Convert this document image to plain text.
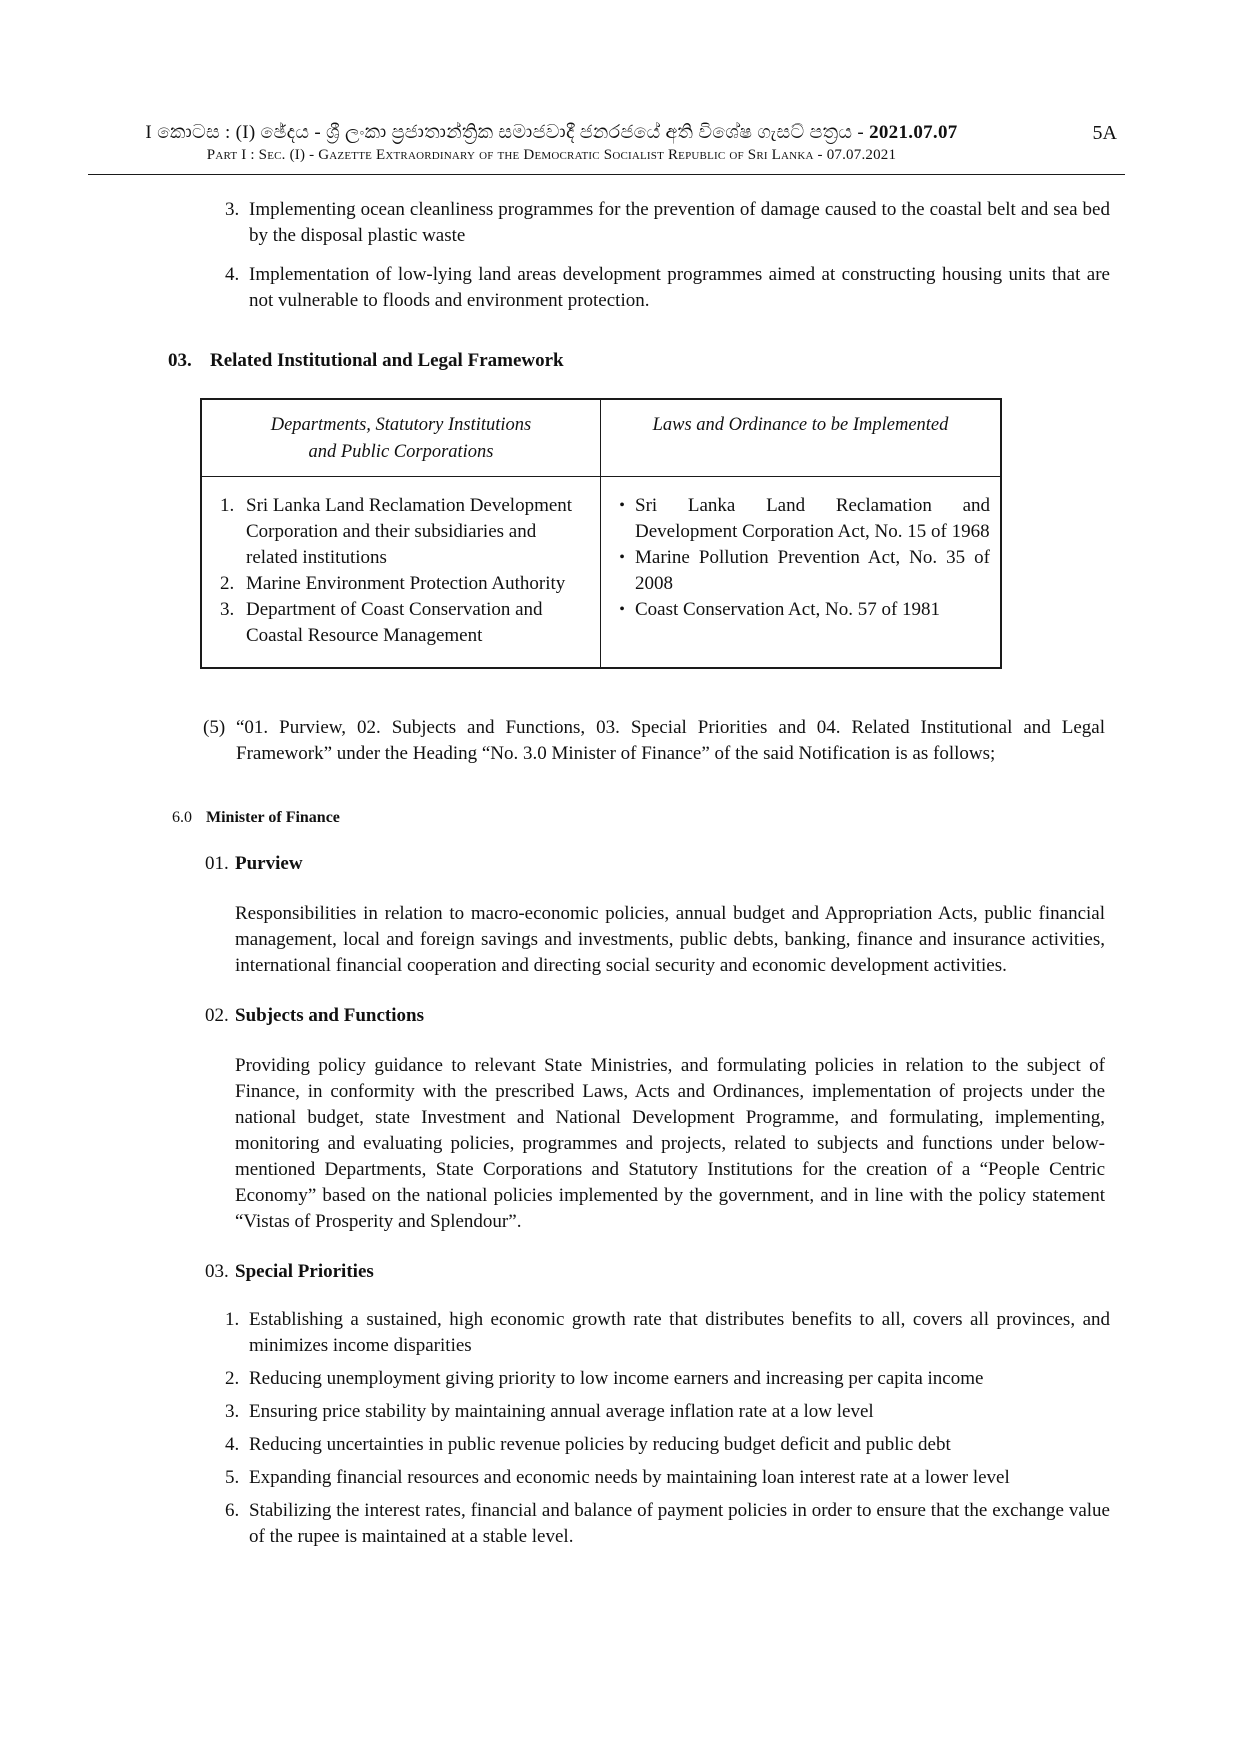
I කොටස : (I) ඡේදය - ශ්‍රී ලංකා ප්‍රජාතාන්ත්‍රික සමාජවාදී ජනරජයේ අති විශේෂ ගැසට් පත්‍රය - 2021.07.07	5A
Part I : Sec. (I) - Gazette Extraordinary of the Democratic Socialist Republic of Sri Lanka - 07.07.2021
3. Implementing ocean cleanliness programmes for the prevention of damage caused to the coastal belt and sea bed by the disposal plastic waste
4. Implementation of low-lying land areas development programmes aimed at constructing housing units that are not vulnerable to floods and environment protection.
03. Related Institutional and Legal Framework
Departments, Statutory Institutions
and Public Corporations
Laws and Ordinance to be Implemented
1. Sri Lanka Land Reclamation Development Corporation and their subsidiaries and related institutions
2. Marine Environment Protection Authority
3. Department of Coast Conservation and Coastal Resource Management
• Sri Lanka Land Reclamation and Development Corporation Act, No. 15 of 1968
• Marine Pollution Prevention Act, No. 35 of 2008
• Coast Conservation Act, No. 57 of 1981
(5) “01. Purview, 02. Subjects and Functions, 03. Special Priorities and 04. Related Institutional and Legal Framework” under the Heading “No. 3.0 Minister of Finance” of the said Notification is as follows;
6.0 Minister of Finance
01. Purview
Responsibilities in relation to macro-economic policies, annual budget and Appropriation Acts, public financial management, local and foreign savings and investments, public debts, banking, finance and insurance activities, international financial cooperation and directing social security and economic development activities.
02. Subjects and Functions
Providing policy guidance to relevant State Ministries, and formulating policies in relation to the subject of Finance, in conformity with the prescribed Laws, Acts and Ordinances, implementation of projects under the national budget, state Investment and National Development Programme, and formulating, implementing, monitoring and evaluating policies, programmes and projects, related to subjects and functions under below-mentioned Departments, State Corporations and Statutory Institutions for the creation of a “People Centric Economy” based on the national policies implemented by the government, and in line with the policy statement “Vistas of Prosperity and Splendour”.
03. Special Priorities
1. Establishing a sustained, high economic growth rate that distributes benefits to all, covers all provinces, and minimizes income disparities
2. Reducing unemployment giving priority to low income earners and increasing per capita income
3. Ensuring price stability by maintaining annual average inflation rate at a low level
4. Reducing uncertainties in public revenue policies by reducing budget deficit and public debt
5. Expanding financial resources and economic needs by maintaining loan interest rate at a lower level
6. Stabilizing the interest rates, financial and balance of payment policies in order to ensure that the exchange value of the rupee is maintained at a stable level.
